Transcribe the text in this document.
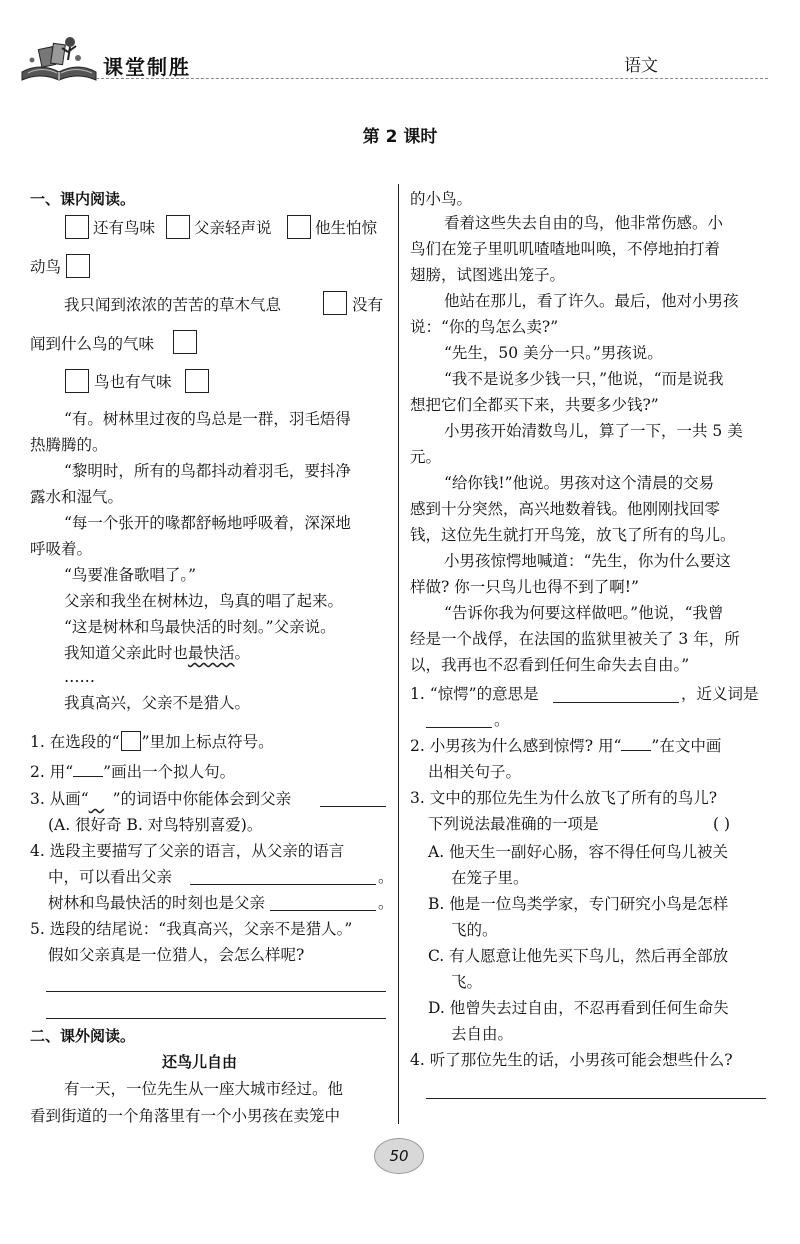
课堂制胜	语文
第 2 课时
一、课内阅读。
还有鸟味	父亲轻声说	他生怕惊
动鸟
我只闻到浓浓的苦苦的草木气息	没有
闻到什么鸟的气味
鸟也有气味
“有。树林里过夜的鸟总是一群，羽毛焐得
热腾腾的。
“黎明时，所有的鸟都抖动着羽毛，要抖净
露水和湿气。
“每一个张开的喙都舒畅地呼吸着，深深地
呼吸着。
“鸟要准备歌唱了。”
父亲和我坐在树林边，鸟真的唱了起来。
“这是树林和鸟最快活的时刻。”父亲说。
我知道父亲此时也最快活。
……
我真高兴，父亲不是猎人。
1. 在选段的“ ”里加上标点符号。
2. 用“ ”画出一个拟人句。
3. 从画“  ”的词语中你能体会到父亲
(A. 很好奇 B. 对鸟特别喜爱)。
4. 选段主要描写了父亲的语言，从父亲的语言
中，可以看出父亲	。
树林和鸟最快活的时刻也是父亲	。
5. 选段的结尾说：“我真高兴，父亲不是猎人。”
假如父亲真是一位猎人，会怎么样呢?
二、课外阅读。
还鸟儿自由
有一天，一位先生从一座大城市经过。他
看到街道的一个角落里有一个小男孩在卖笼中
的小鸟。
看着这些失去自由的鸟，他非常伤感。小
鸟们在笼子里叽叽喳喳地叫唤，不停地拍打着
翅膀，试图逃出笼子。
他站在那儿，看了许久。最后，他对小男孩
说：“你的鸟怎么卖?”
“先生，50 美分一只。”男孩说。
“我不是说多少钱一只，”他说，“而是说我
想把它们全都买下来，共要多少钱?”
小男孩开始清数鸟儿，算了一下，一共 5 美
元。
“给你钱!”他说。男孩对这个清晨的交易
感到十分突然，高兴地数着钱。他刚刚找回零
钱，这位先生就打开鸟笼，放飞了所有的鸟儿。
小男孩惊愕地喊道：“先生，你为什么要这
样做? 你一只鸟儿也得不到了啊!”
“告诉你我为何要这样做吧。”他说，“我曾
经是一个战俘，在法国的监狱里被关了 3 年，所
以，我再也不忍看到任何生命失去自由。”
1. “惊愕”的意思是	，近义词是
。
2. 小男孩为什么感到惊愕? 用“ ”在文中画
出相关句子。
3. 文中的那位先生为什么放飞了所有的鸟儿?
下列说法最准确的一项是	( )
A. 他天生一副好心肠，容不得任何鸟儿被关
在笼子里。
B. 他是一位鸟类学家，专门研究小鸟是怎样
飞的。
C. 有人愿意让他先买下鸟儿，然后再全部放
飞。
D. 他曾失去过自由，不忍再看到任何生命失
去自由。
4. 听了那位先生的话，小男孩可能会想些什么?
50
